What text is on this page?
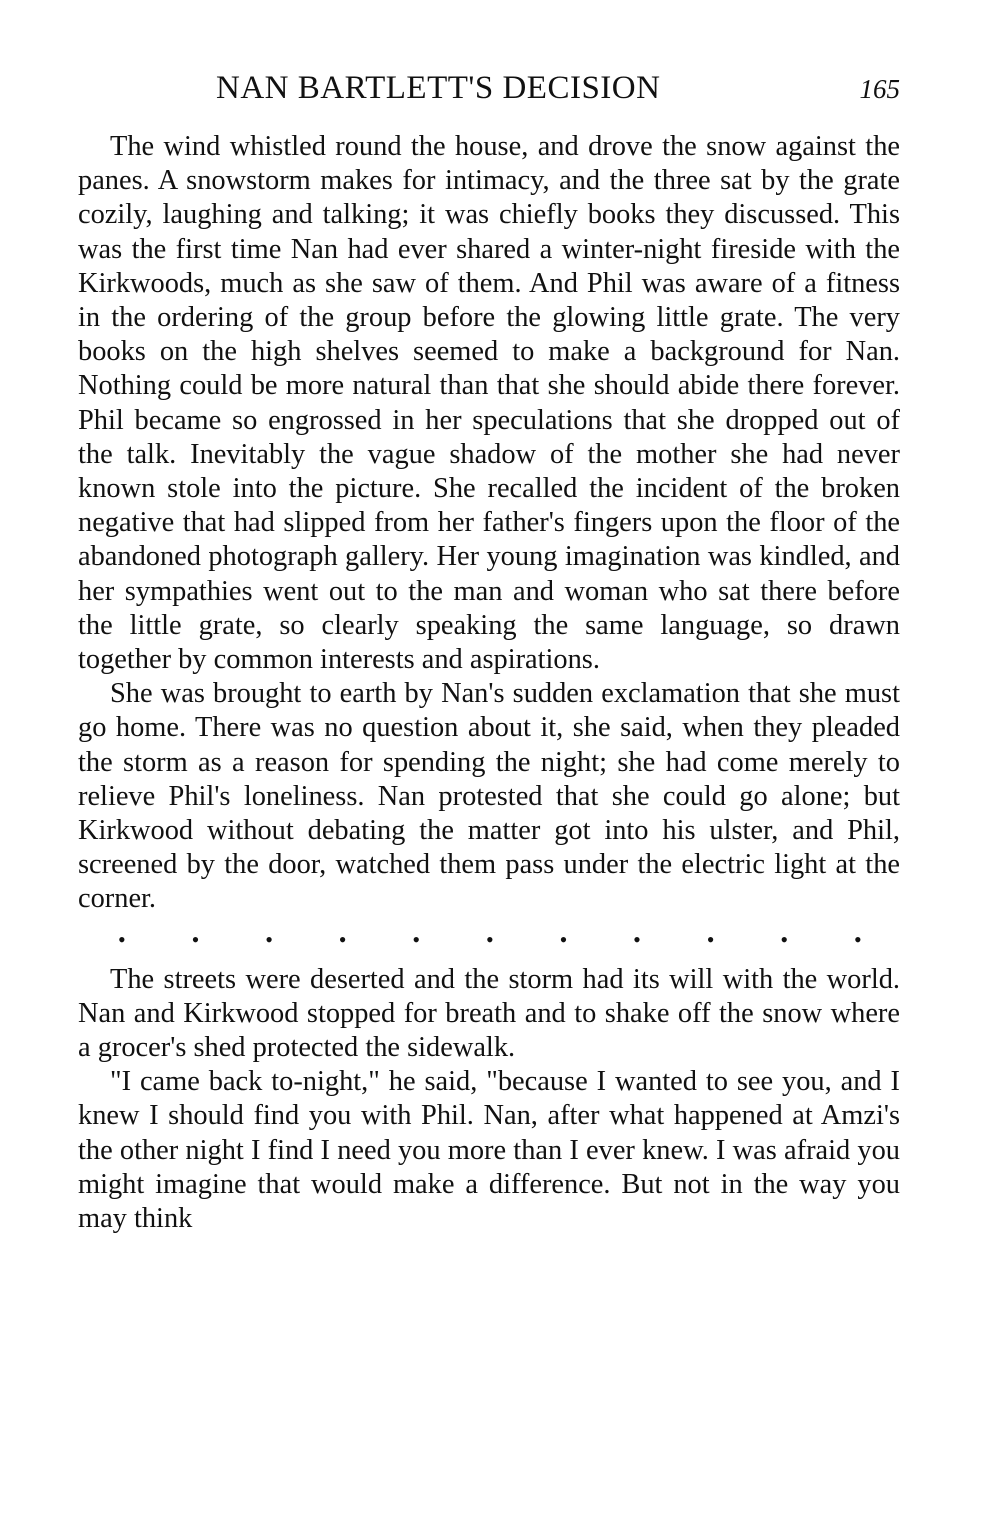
NAN BARTLETT'S DECISION	165

The wind whistled round the house, and drove the snow against the panes. A snowstorm makes for intimacy, and the three sat by the grate cozily, laughing and talking; it was chiefly books they discussed. This was the first time Nan had ever shared a winter-night fireside with the Kirkwoods, much as she saw of them. And Phil was aware of a fitness in the ordering of the group before the glowing little grate. The very books on the high shelves seemed to make a background for Nan. Nothing could be more natural than that she should abide there forever. Phil became so engrossed in her speculations that she dropped out of the talk. Inevitably the vague shadow of the mother she had never known stole into the picture. She recalled the incident of the broken negative that had slipped from her father's fingers upon the floor of the abandoned photograph gallery. Her young imagination was kindled, and her sympathies went out to the man and woman who sat there before the little grate, so clearly speaking the same language, so drawn together by common interests and aspirations.

She was brought to earth by Nan's sudden exclamation that she must go home. There was no question about it, she said, when they pleaded the storm as a reason for spending the night; she had come merely to relieve Phil's loneliness. Nan protested that she could go alone; but Kirkwood without debating the matter got into his ulster, and Phil, screened by the door, watched them pass under the electric light at the corner.

•	•	•	•	•	•	•	•	•	•	•

The streets were deserted and the storm had its will with the world. Nan and Kirkwood stopped for breath and to shake off the snow where a grocer's shed protected the sidewalk.

"I came back to-night," he said, "because I wanted to see you, and I knew I should find you with Phil. Nan, after what happened at Amzi's the other night I find I need you more than I ever knew. I was afraid you might imagine that would make a difference. But not in the way you may think
